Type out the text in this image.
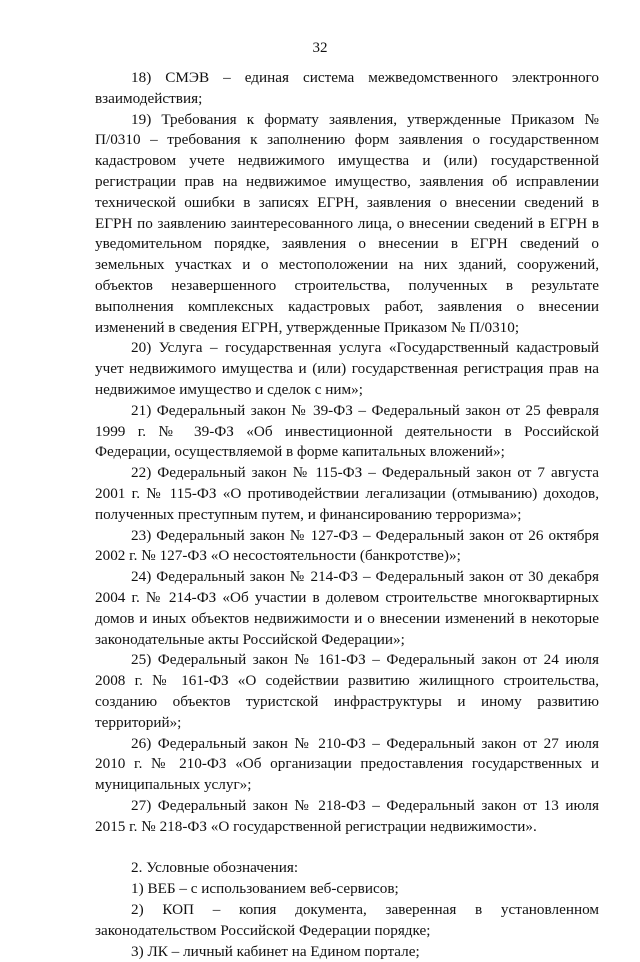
32

18) СМЭВ – единая система межведомственного электронного взаимодействия;

19) Требования к формату заявления, утвержденные Приказом № П/0310 – требования к заполнению форм заявления о государственном кадастровом учете недвижимого имущества и (или) государственной регистрации прав на недвижимое имущество, заявления об исправлении технической ошибки в записях ЕГРН, заявления о внесении сведений в ЕГРН по заявлению заинтересованного лица, о внесении сведений в ЕГРН в уведомительном порядке, заявления о внесении в ЕГРН сведений о земельных участках и о местоположении на них зданий, сооружений, объектов незавершенного строительства, полученных в результате выполнения комплексных кадастровых работ, заявления о внесении изменений в сведения ЕГРН, утвержденные Приказом № П/0310;

20) Услуга – государственная услуга «Государственный кадастровый учет недвижимого имущества и (или) государственная регистрация прав на недвижимое имущество и сделок с ним»;

21) Федеральный закон № 39-ФЗ – Федеральный закон от 25 февраля 1999 г. № 39-ФЗ «Об инвестиционной деятельности в Российской Федерации, осуществляемой в форме капитальных вложений»;

22) Федеральный закон № 115-ФЗ – Федеральный закон от 7 августа 2001 г. № 115-ФЗ «О противодействии легализации (отмыванию) доходов, полученных преступным путем, и финансированию терроризма»;

23) Федеральный закон № 127-ФЗ – Федеральный закон от 26 октября 2002 г. № 127-ФЗ «О несостоятельности (банкротстве)»;

24) Федеральный закон № 214-ФЗ – Федеральный закон от 30 декабря 2004 г. № 214-ФЗ «Об участии в долевом строительстве многоквартирных домов и иных объектов недвижимости и о внесении изменений в некоторые законодательные акты Российской Федерации»;

25) Федеральный закон № 161-ФЗ – Федеральный закон от 24 июля 2008 г. № 161-ФЗ «О содействии развитию жилищного строительства, созданию объектов туристской инфраструктуры и иному развитию территорий»;

26) Федеральный закон № 210-ФЗ – Федеральный закон от 27 июля 2010 г. № 210-ФЗ «Об организации предоставления государственных и муниципальных услуг»;

27) Федеральный закон № 218-ФЗ – Федеральный закон от 13 июля 2015 г. № 218-ФЗ «О государственной регистрации недвижимости».

2. Условные обозначения:

1) ВЕБ – с использованием веб-сервисов;

2) КОП – копия документа, заверенная в установленном законодательством Российской Федерации порядке;

3) ЛК – личный кабинет на Едином портале;
